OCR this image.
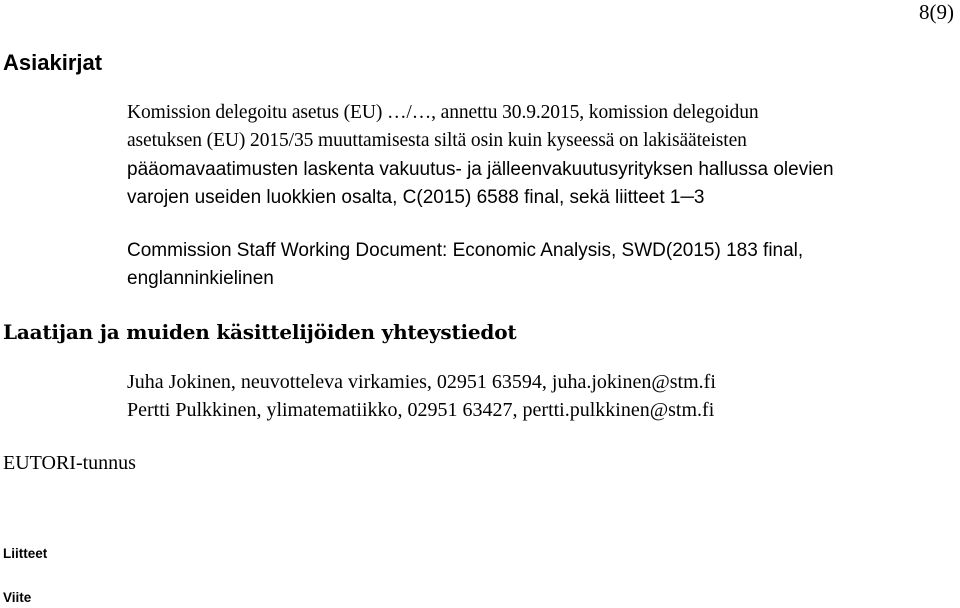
8(9)
Asiakirjat
Komission delegoitu asetus (EU) …/…, annettu 30.9.2015, komission delegoidun
asetuksen (EU) 2015/35 muuttamisesta siltä osin kuin kyseessä on lakisääteisten
pääomavaatimusten laskenta vakuutus- ja jälleenvakuutusyrityksen hallussa olevien
varojen useiden luokkien osalta, C(2015) 6588 final, sekä liitteet 1─3
Commission Staff Working Document: Economic Analysis, SWD(2015) 183 final,
englanninkielinen
Laatijan ja muiden käsittelijöiden yhteystiedot
Juha Jokinen, neuvotteleva virkamies, 02951 63594, juha.jokinen@stm.fi
Pertti Pulkkinen, ylimatematiikko, 02951 63427, pertti.pulkkinen@stm.fi
EUTORI-tunnus
Liitteet
Viite
